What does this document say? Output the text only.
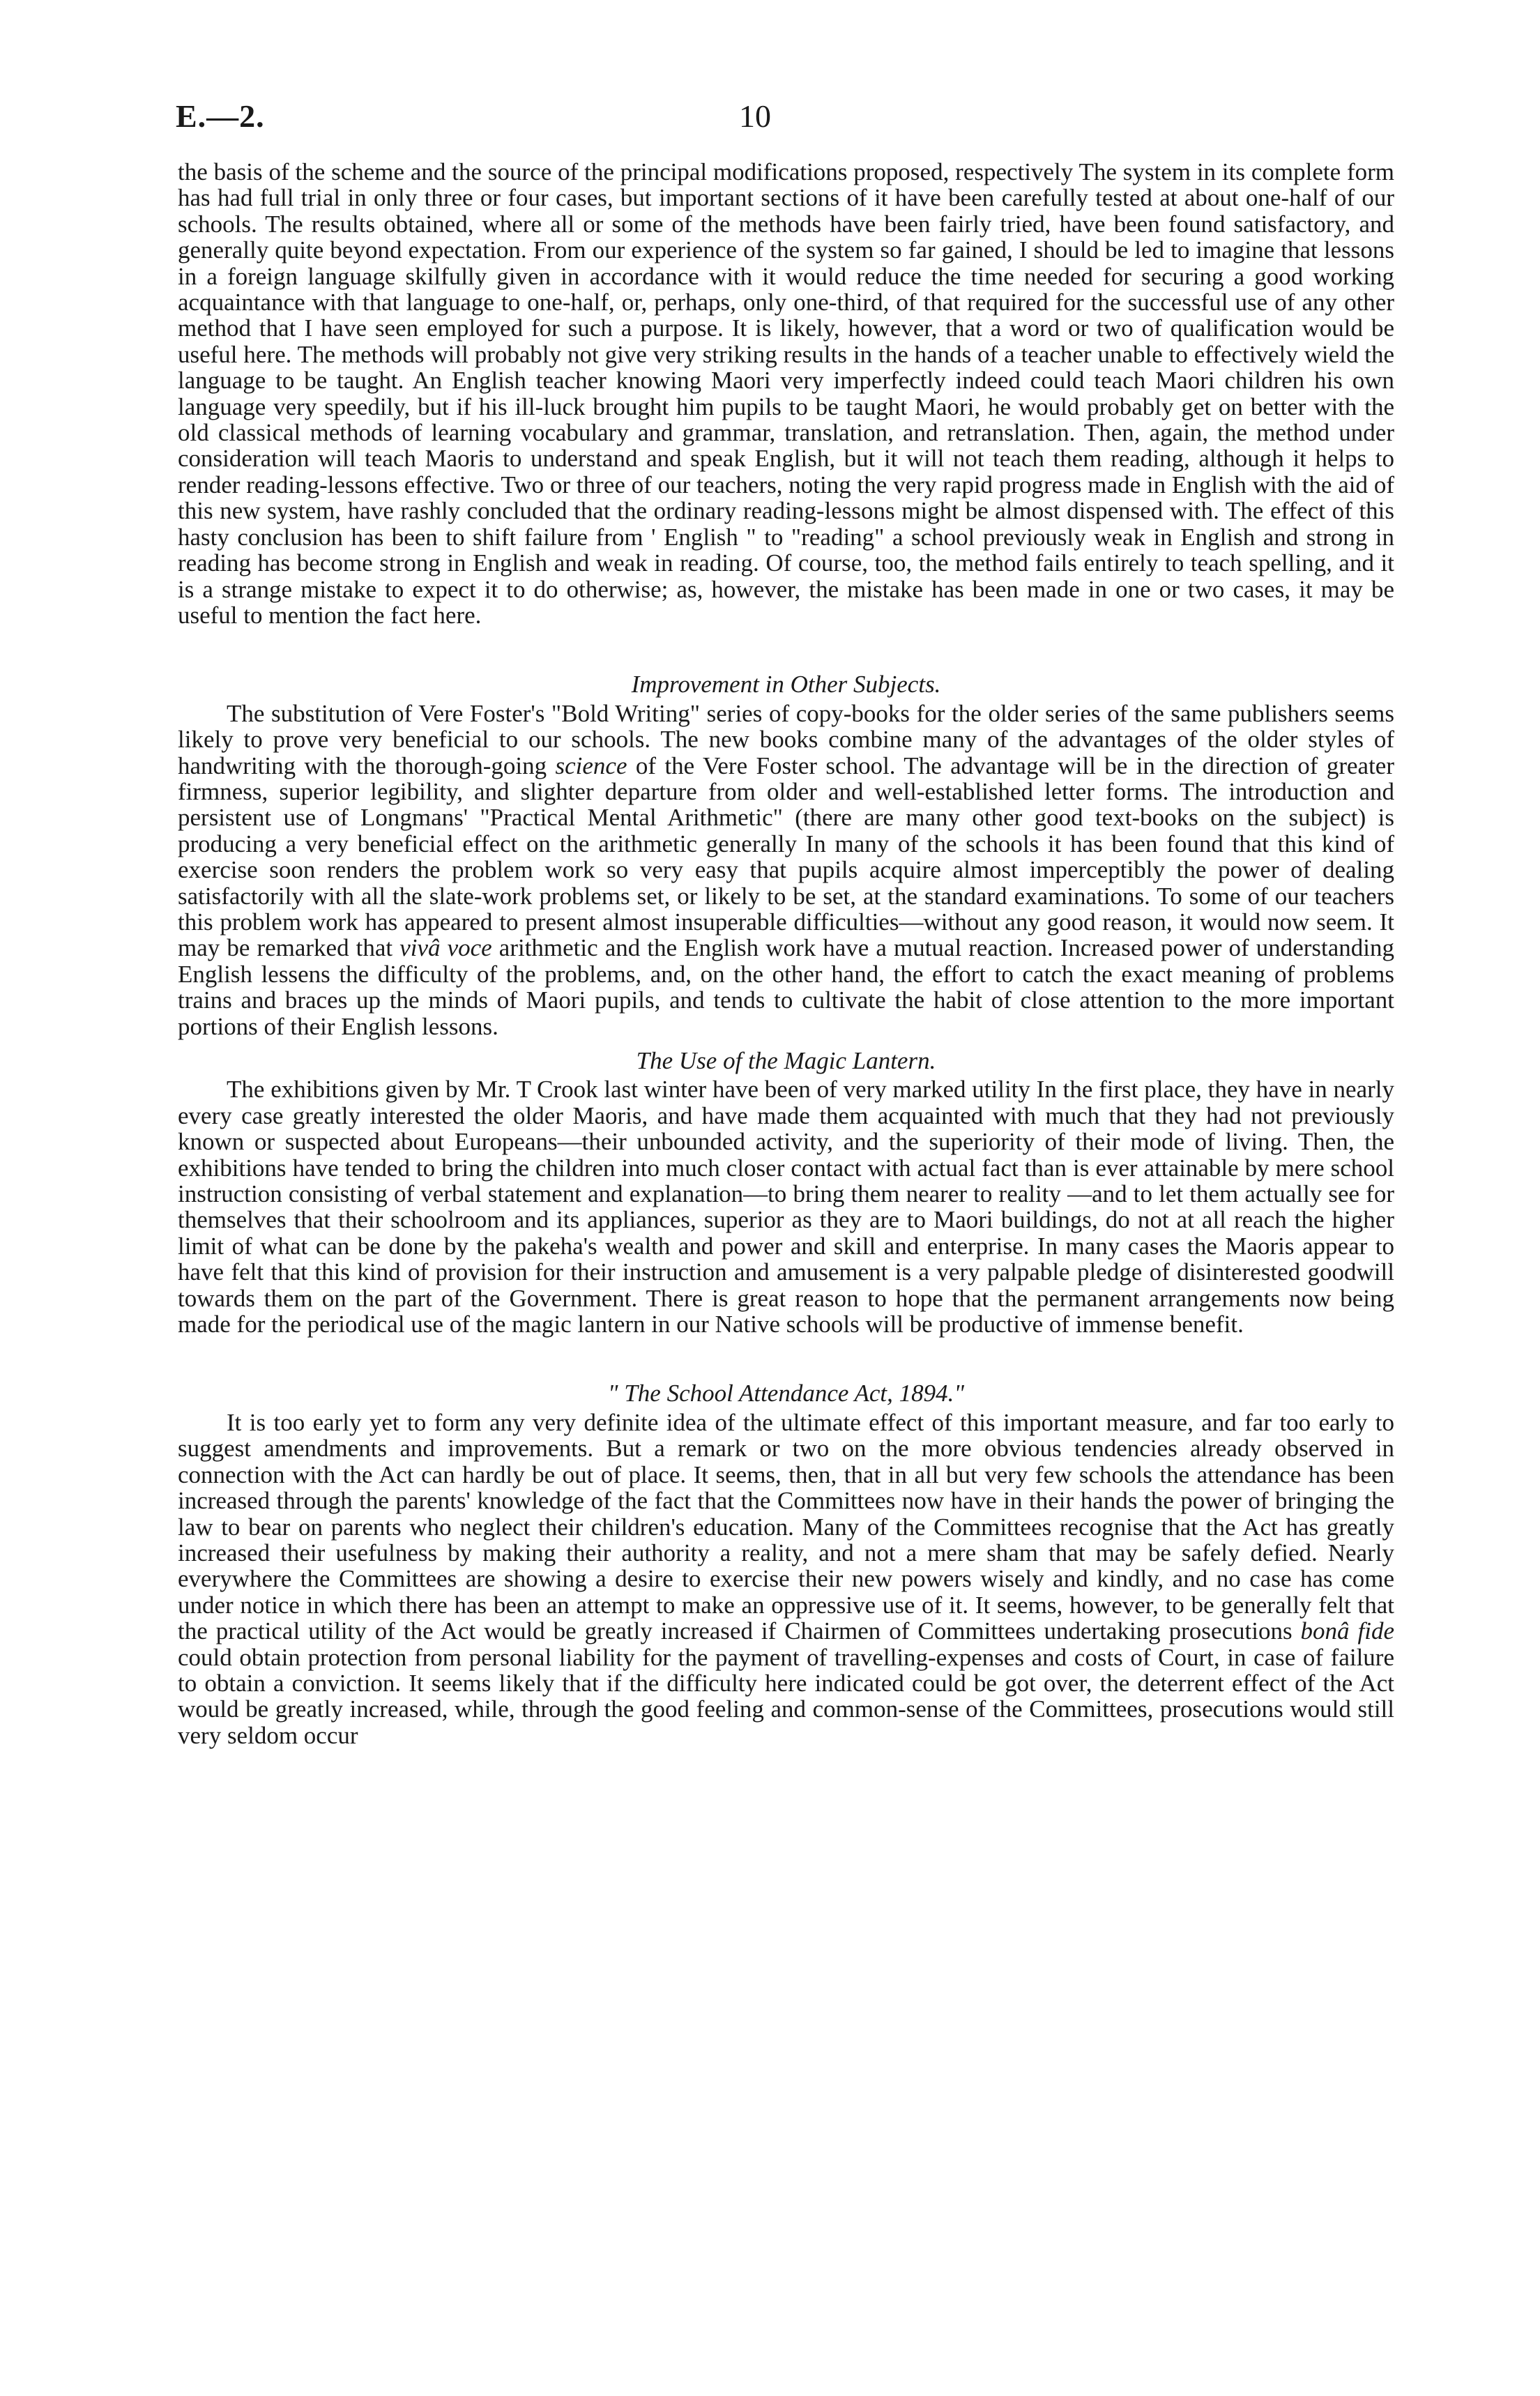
E.—2.	10

the basis of the scheme and the source of the principal modifications proposed, respectively The system in its complete form has had full trial in only three or four cases, but important sections of it have been carefully tested at about one-half of our schools. The results obtained, where all or some of the methods have been fairly tried, have been found satisfactory, and generally quite beyond expectation. From our experience of the system so far gained, I should be led to imagine that lessons in a foreign language skilfully given in accordance with it would reduce the time needed for securing a good working acquaintance with that language to one-half, or, perhaps, only one-third, of that required for the successful use of any other method that I have seen employed for such a purpose. It is likely, however, that a word or two of qualification would be useful here. The methods will probably not give very striking results in the hands of a teacher unable to effectively wield the language to be taught. An English teacher knowing Maori very imperfectly indeed could teach Maori children his own language very speedily, but if his ill-luck brought him pupils to be taught Maori, he would probably get on better with the old classical methods of learning vocabulary and grammar, translation, and retranslation. Then, again, the method under consideration will teach Maoris to understand and speak English, but it will not teach them reading, although it helps to render reading-lessons effective. Two or three of our teachers, noting the very rapid progress made in English with the aid of this new system, have rashly concluded that the ordinary reading-lessons might be almost dispensed with. The effect of this hasty conclusion has been to shift failure from ' English " to "reading" a school previously weak in English and strong in reading has become strong in English and weak in reading. Of course, too, the method fails entirely to teach spelling, and it is a strange mistake to expect it to do otherwise; as, however, the mistake has been made in one or two cases, it may be useful to mention the fact here.

Improvement in Other Subjects.

The substitution of Vere Foster's "Bold Writing" series of copy-books for the older series of the same publishers seems likely to prove very beneficial to our schools. The new books combine many of the advantages of the older styles of handwriting with the thorough-going science of the Vere Foster school. The advantage will be in the direction of greater firmness, superior legibility, and slighter departure from older and well-established letter forms. The introduction and persistent use of Longmans' "Practical Mental Arithmetic" (there are many other good text-books on the subject) is producing a very beneficial effect on the arithmetic generally In many of the schools it has been found that this kind of exercise soon renders the problem work so very easy that pupils acquire almost imperceptibly the power of dealing satisfactorily with all the slate-work problems set, or likely to be set, at the standard examinations. To some of our teachers this problem work has appeared to present almost insuperable difficulties—without any good reason, it would now seem. It may be remarked that vivâ voce arithmetic and the English work have a mutual reaction. Increased power of understanding English lessens the difficulty of the problems, and, on the other hand, the effort to catch the exact meaning of problems trains and braces up the minds of Maori pupils, and tends to cultivate the habit of close attention to the more important portions of their English lessons.

The Use of the Magic Lantern.

The exhibitions given by Mr. T Crook last winter have been of very marked utility In the first place, they have in nearly every case greatly interested the older Maoris, and have made them acquainted with much that they had not previously known or suspected about Europeans—their unbounded activity, and the superiority of their mode of living. Then, the exhibitions have tended to bring the children into much closer contact with actual fact than is ever attainable by mere school instruction consisting of verbal statement and explanation—to bring them nearer to reality —and to let them actually see for themselves that their schoolroom and its appliances, superior as they are to Maori buildings, do not at all reach the higher limit of what can be done by the pakeha's wealth and power and skill and enterprise. In many cases the Maoris appear to have felt that this kind of provision for their instruction and amusement is a very palpable pledge of disinterested goodwill towards them on the part of the Government. There is great reason to hope that the permanent arrangements now being made for the periodical use of the magic lantern in our Native schools will be productive of immense benefit.

" The School Attendance Act, 1894."

It is too early yet to form any very definite idea of the ultimate effect of this important measure, and far too early to suggest amendments and improvements. But a remark or two on the more obvious tendencies already observed in connection with the Act can hardly be out of place. It seems, then, that in all but very few schools the attendance has been increased through the parents' knowledge of the fact that the Committees now have in their hands the power of bringing the law to bear on parents who neglect their children's education. Many of the Committees recognise that the Act has greatly increased their usefulness by making their authority a reality, and not a mere sham that may be safely defied. Nearly everywhere the Committees are showing a desire to exercise their new powers wisely and kindly, and no case has come under notice in which there has been an attempt to make an oppressive use of it. It seems, however, to be generally felt that the practical utility of the Act would be greatly increased if Chairmen of Committees undertaking prosecutions bonâ fide could obtain protection from personal liability for the payment of travelling-expenses and costs of Court, in case of failure to obtain a conviction. It seems likely that if the difficulty here indicated could be got over, the deterrent effect of the Act would be greatly increased, while, through the good feeling and common-sense of the Committees, prosecutions would still very seldom occur
